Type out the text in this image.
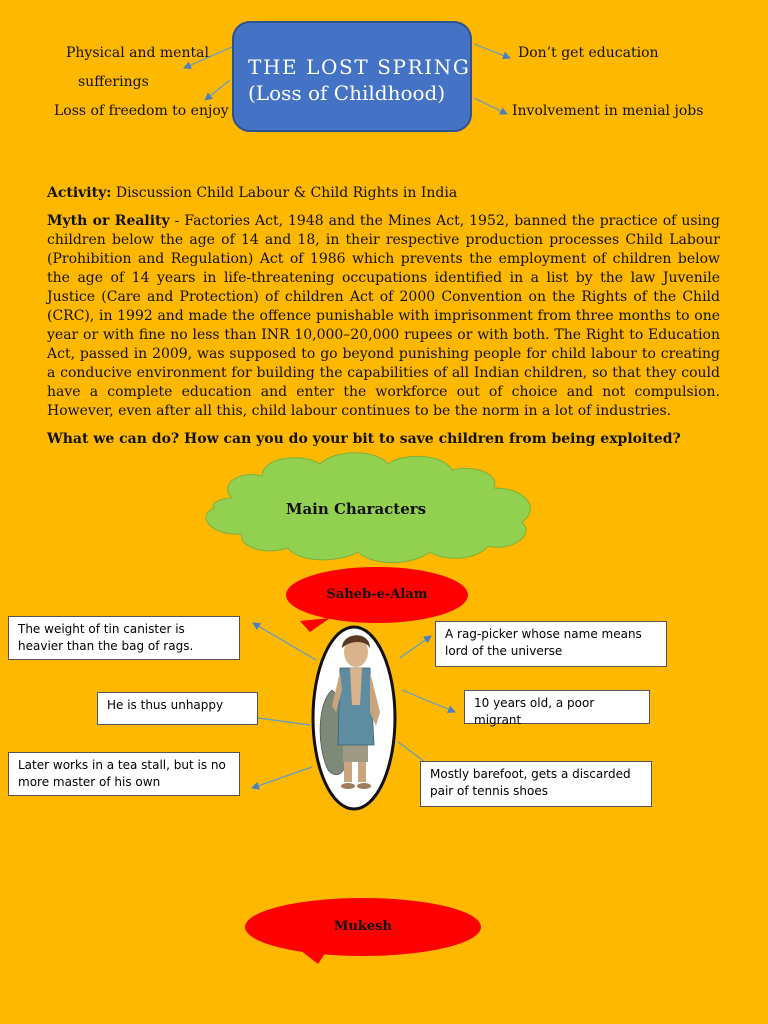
THE LOST SPRING
(Loss of Childhood)
Physical and mental
sufferings
Loss of freedom to enjoy
Don’t get education
Involvement in menial jobs
Activity: Discussion Child Labour & Child Rights in India
Myth or Reality - Factories Act, 1948 and the Mines Act, 1952, banned the practice of using children below the age of 14 and 18, in their respective production processes Child Labour (Prohibition and Regulation) Act of 1986 which prevents the employment of children below the age of 14 years in life-threatening occupations identified in a list by the law Juvenile Justice (Care and Protection) of children Act of 2000 Convention on the Rights of the Child (CRC), in 1992 and made the offence punishable with imprisonment from three months to one year or with fine no less than INR 10,000–20,000 rupees or with both. The Right to Education Act, passed in 2009, was supposed to go beyond punishing people for child labour to creating a conducive environment for building the capabilities of all Indian children, so that they could have a complete education and enter the workforce out of choice and not compulsion. However, even after all this, child labour continues to be the norm in a lot of industries.
What we can do? How can you do your bit to save children from being exploited?
Main Characters
Saheb-e-Alam
The weight of tin canister is heavier than the bag of rags.
He is thus unhappy
Later works in a tea stall, but is no more master of his own
A rag-picker whose name means lord of the universe
10 years old, a poor migrant
Mostly barefoot, gets a discarded pair of tennis shoes
Mukesh
